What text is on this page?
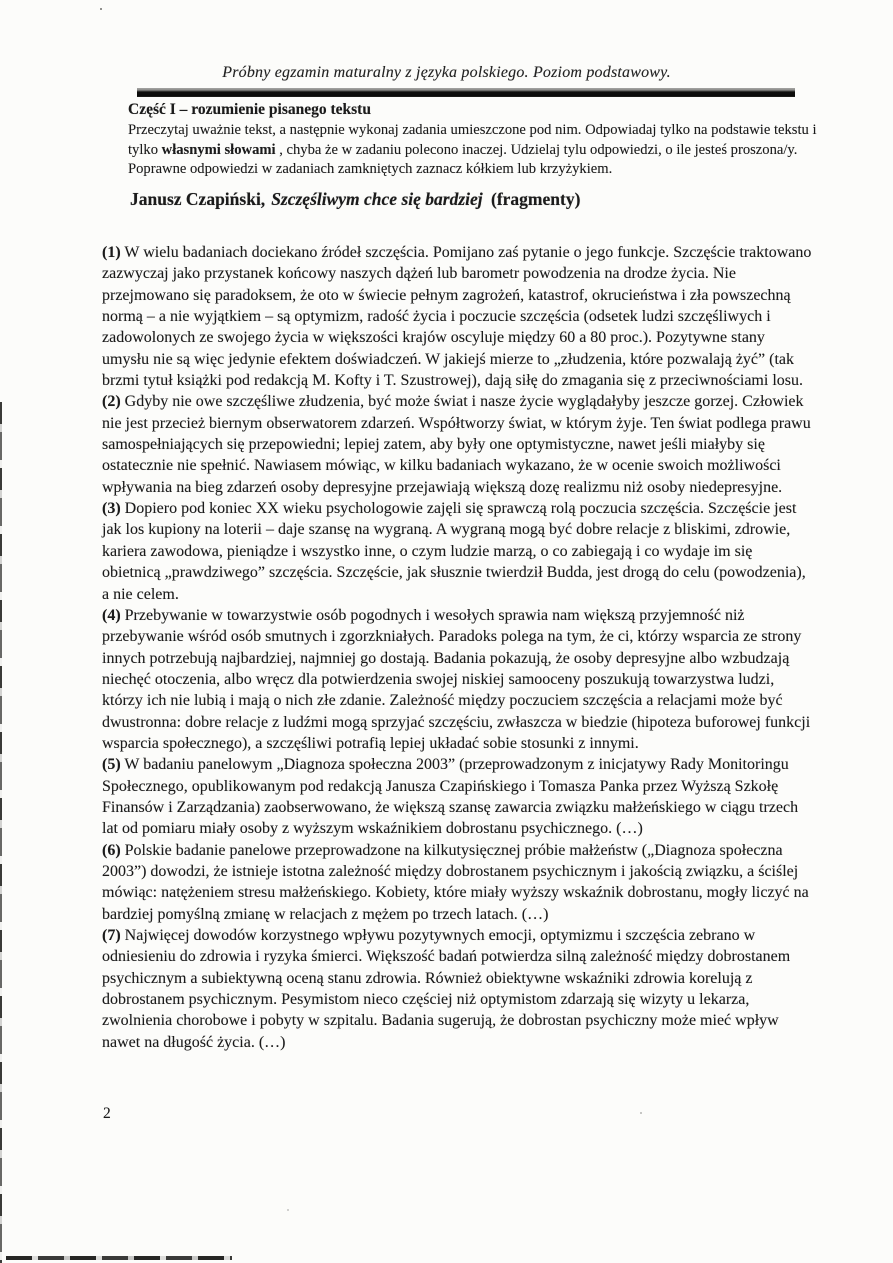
Próbny egzamin maturalny z języka polskiego. Poziom podstawowy.
Część I – rozumienie pisanego tekstu

Przeczytaj uważnie tekst, a następnie wykonaj zadania umieszczone pod nim. Odpowiadaj tylko na podstawie tekstu i tylko własnymi słowami , chyba że w zadaniu polecono inaczej. Udzielaj tylu odpowiedzi, o ile jesteś proszona/y. Poprawne odpowiedzi w zadaniach zamkniętych zaznacz kółkiem lub krzyżykiem.

Janusz Czapiński, Szczęśliwym chce się bardziej (fragmenty)

(1) W wielu badaniach dociekano źródeł szczęścia. Pomijano zaś pytanie o jego funkcje. Szczęście traktowano zazwyczaj jako przystanek końcowy naszych dążeń lub barometr powodzenia na drodze życia. Nie przejmowano się paradoksem, że oto w świecie pełnym zagrożeń, katastrof, okrucieństwa i zła powszechną normą – a nie wyjątkiem – są optymizm, radość życia i poczucie szczęścia (odsetek ludzi szczęśliwych i zadowolonych ze swojego życia w większości krajów oscyluje między 60 a 80 proc.). Pozytywne stany umysłu nie są więc jedynie efektem doświadczeń. W jakiejś mierze to „złudzenia, które pozwalają żyć” (tak brzmi tytuł książki pod redakcją M. Kofty i T. Szustrowej), dają siłę do zmagania się z przeciwnościami losu.

(2) Gdyby nie owe szczęśliwe złudzenia, być może świat i nasze życie wyglądałyby jeszcze gorzej. Człowiek nie jest przecież biernym obserwatorem zdarzeń. Współtworzy świat, w którym żyje. Ten świat podlega prawu samospełniających się przepowiedni; lepiej zatem, aby były one optymistyczne, nawet jeśli miałyby się ostatecznie nie spełnić. Nawiasem mówiąc, w kilku badaniach wykazano, że w ocenie swoich możliwości wpływania na bieg zdarzeń osoby depresyjne przejawiają większą dozę realizmu niż osoby niedepresyjne.

(3) Dopiero pod koniec XX wieku psychologowie zajęli się sprawczą rolą poczucia szczęścia. Szczęście jest jak los kupiony na loterii – daje szansę na wygraną. A wygraną mogą być dobre relacje z bliskimi, zdrowie, kariera zawodowa, pieniądze i wszystko inne, o czym ludzie marzą, o co zabiegają i co wydaje im się obietnicą „prawdziwego” szczęścia. Szczęście, jak słusznie twierdził Budda, jest drogą do celu (powodzenia), a nie celem.

(4) Przebywanie w towarzystwie osób pogodnych i wesołych sprawia nam większą przyjemność niż przebywanie wśród osób smutnych i zgorzkniałych. Paradoks polega na tym, że ci, którzy wsparcia ze strony innych potrzebują najbardziej, najmniej go dostają. Badania pokazują, że osoby depresyjne albo wzbudzają niechęć otoczenia, albo wręcz dla potwierdzenia swojej niskiej samooceny poszukują towarzystwa ludzi, którzy ich nie lubią i mają o nich złe zdanie. Zależność między poczuciem szczęścia a relacjami może być dwustronna: dobre relacje z ludźmi mogą sprzyjać szczęściu, zwłaszcza w biedzie (hipoteza buforowej funkcji wsparcia społecznego), a szczęśliwi potrafią lepiej układać sobie stosunki z innymi.

(5) W badaniu panelowym „Diagnoza społeczna 2003” (przeprowadzonym z inicjatywy Rady Monitoringu Społecznego, opublikowanym pod redakcją Janusza Czapińskiego i Tomasza Panka przez Wyższą Szkołę Finansów i Zarządzania) zaobserwowano, że większą szansę zawarcia związku małżeńskiego w ciągu trzech lat od pomiaru miały osoby z wyższym wskaźnikiem dobrostanu psychicznego. (…)

(6) Polskie badanie panelowe przeprowadzone na kilkutysięcznej próbie małżeństw („Diagnoza społeczna 2003”) dowodzi, że istnieje istotna zależność między dobrostanem psychicznym i jakością związku, a ściślej mówiąc: natężeniem stresu małżeńskiego. Kobiety, które miały wyższy wskaźnik dobrostanu, mogły liczyć na bardziej pomyślną zmianę w relacjach z mężem po trzech latach. (…)

(7) Najwięcej dowodów korzystnego wpływu pozytywnych emocji, optymizmu i szczęścia zebrano w odniesieniu do zdrowia i ryzyka śmierci. Większość badań potwierdza silną zależność między dobrostanem psychicznym a subiektywną oceną stanu zdrowia. Również obiektywne wskaźniki zdrowia korelują z dobrostanem psychicznym. Pesymistom nieco częściej niż optymistom zdarzają się wizyty u lekarza, zwolnienia chorobowe i pobyty w szpitalu. Badania sugerują, że dobrostan psychiczny może mieć wpływ nawet na długość życia. (…)

2
